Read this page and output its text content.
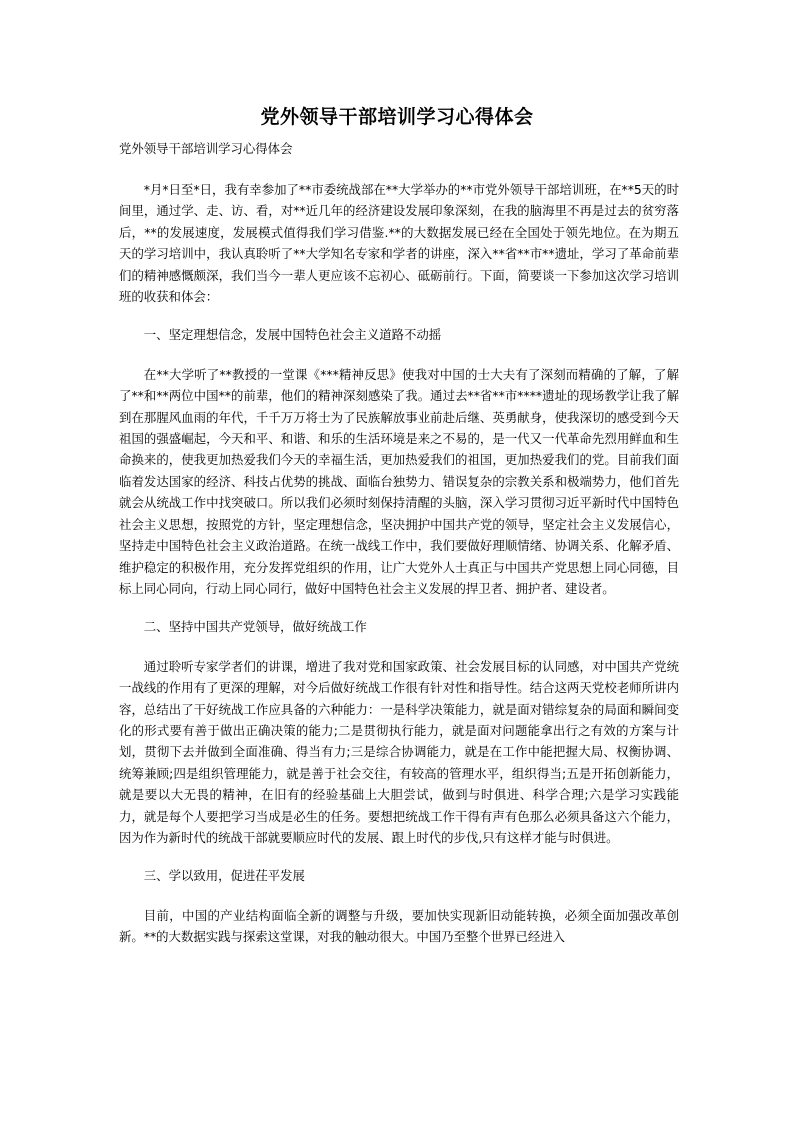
党外领导干部培训学习心得体会
党外领导干部培训学习心得体会

*月*日至*日，我有幸参加了**市委统战部在**大学举办的**市党外领导干部培训班，在**5天的时间里，通过学、走、访、看，对**近几年的经济建设发展印象深刻，在我的脑海里不再是过去的贫穷落后，**的发展速度，发展模式值得我们学习借鉴.**的大数据发展已经在全国处于领先地位。在为期五天的学习培训中，我认真聆听了**大学知名专家和学者的讲座，深入**省**市**遗址，学习了革命前辈们的精神感慨颇深，我们当今一辈人更应该不忘初心、砥砺前行。下面，简要谈一下参加这次学习培训班的收获和体会：

一、坚定理想信念，发展中国特色社会主义道路不动摇

在**大学听了**教授的一堂课《***精神反思》使我对中国的士大夫有了深刻而精确的了解，了解了**和**两位中国**的前辈，他们的精神深刻感染了我。通过去**省**市****遗址的现场教学让我了解到在那腥风血雨的年代，千千万万将士为了民族解放事业前赴后继、英勇献身，使我深切的感受到今天祖国的强盛崛起，今天和平、和谐、和乐的生活环境是来之不易的，是一代又一代革命先烈用鲜血和生命换来的，使我更加热爱我们今天的幸福生活，更加热爱我们的祖国，更加热爱我们的党。目前我们面临着发达国家的经济、科技占优势的挑战、面临台独势力、错误复杂的宗教关系和极端势力，他们首先就会从统战工作中找突破口。所以我们必须时刻保持清醒的头脑，深入学习贯彻习近平新时代中国特色社会主义思想，按照党的方针，坚定理想信念，坚决拥护中国共产党的领导，坚定社会主义发展信心，坚持走中国特色社会主义政治道路。在统一战线工作中，我们要做好理顺情绪、协调关系、化解矛盾、维护稳定的积极作用，充分发挥党组织的作用，让广大党外人士真正与中国共产党思想上同心同德，目标上同心同向，行动上同心同行，做好中国特色社会主义发展的捍卫者、拥护者、建设者。

二、坚持中国共产党领导，做好统战工作

通过聆听专家学者们的讲课，增进了我对党和国家政策、社会发展目标的认同感，对中国共产党统一战线的作用有了更深的理解，对今后做好统战工作很有针对性和指导性。结合这两天党校老师所讲内容，总结出了干好统战工作应具备的六种能力：一是科学决策能力，就是面对错综复杂的局面和瞬间变化的形式要有善于做出正确决策的能力;二是贯彻执行能力，就是面对问题能拿出行之有效的方案与计划，贯彻下去并做到全面准确、得当有力;三是综合协调能力，就是在工作中能把握大局、权衡协调、统筹兼顾;四是组织管理能力，就是善于社会交往，有较高的管理水平，组织得当;五是开拓创新能力，就是要以大无畏的精神，在旧有的经验基础上大胆尝试，做到与时俱进、科学合理;六是学习实践能力，就是每个人要把学习当成是必生的任务。要想把统战工作干得有声有色那么必须具备这六个能力，因为作为新时代的统战干部就要顺应时代的发展、跟上时代的步伐,只有这样才能与时俱进。

三、学以致用，促进茌平发展

目前，中国的产业结构面临全新的调整与升级，要加快实现新旧动能转换，必须全面加强改革创新。**的大数据实践与探索这堂课，对我的触动很大。中国乃至整个世界已经进入
